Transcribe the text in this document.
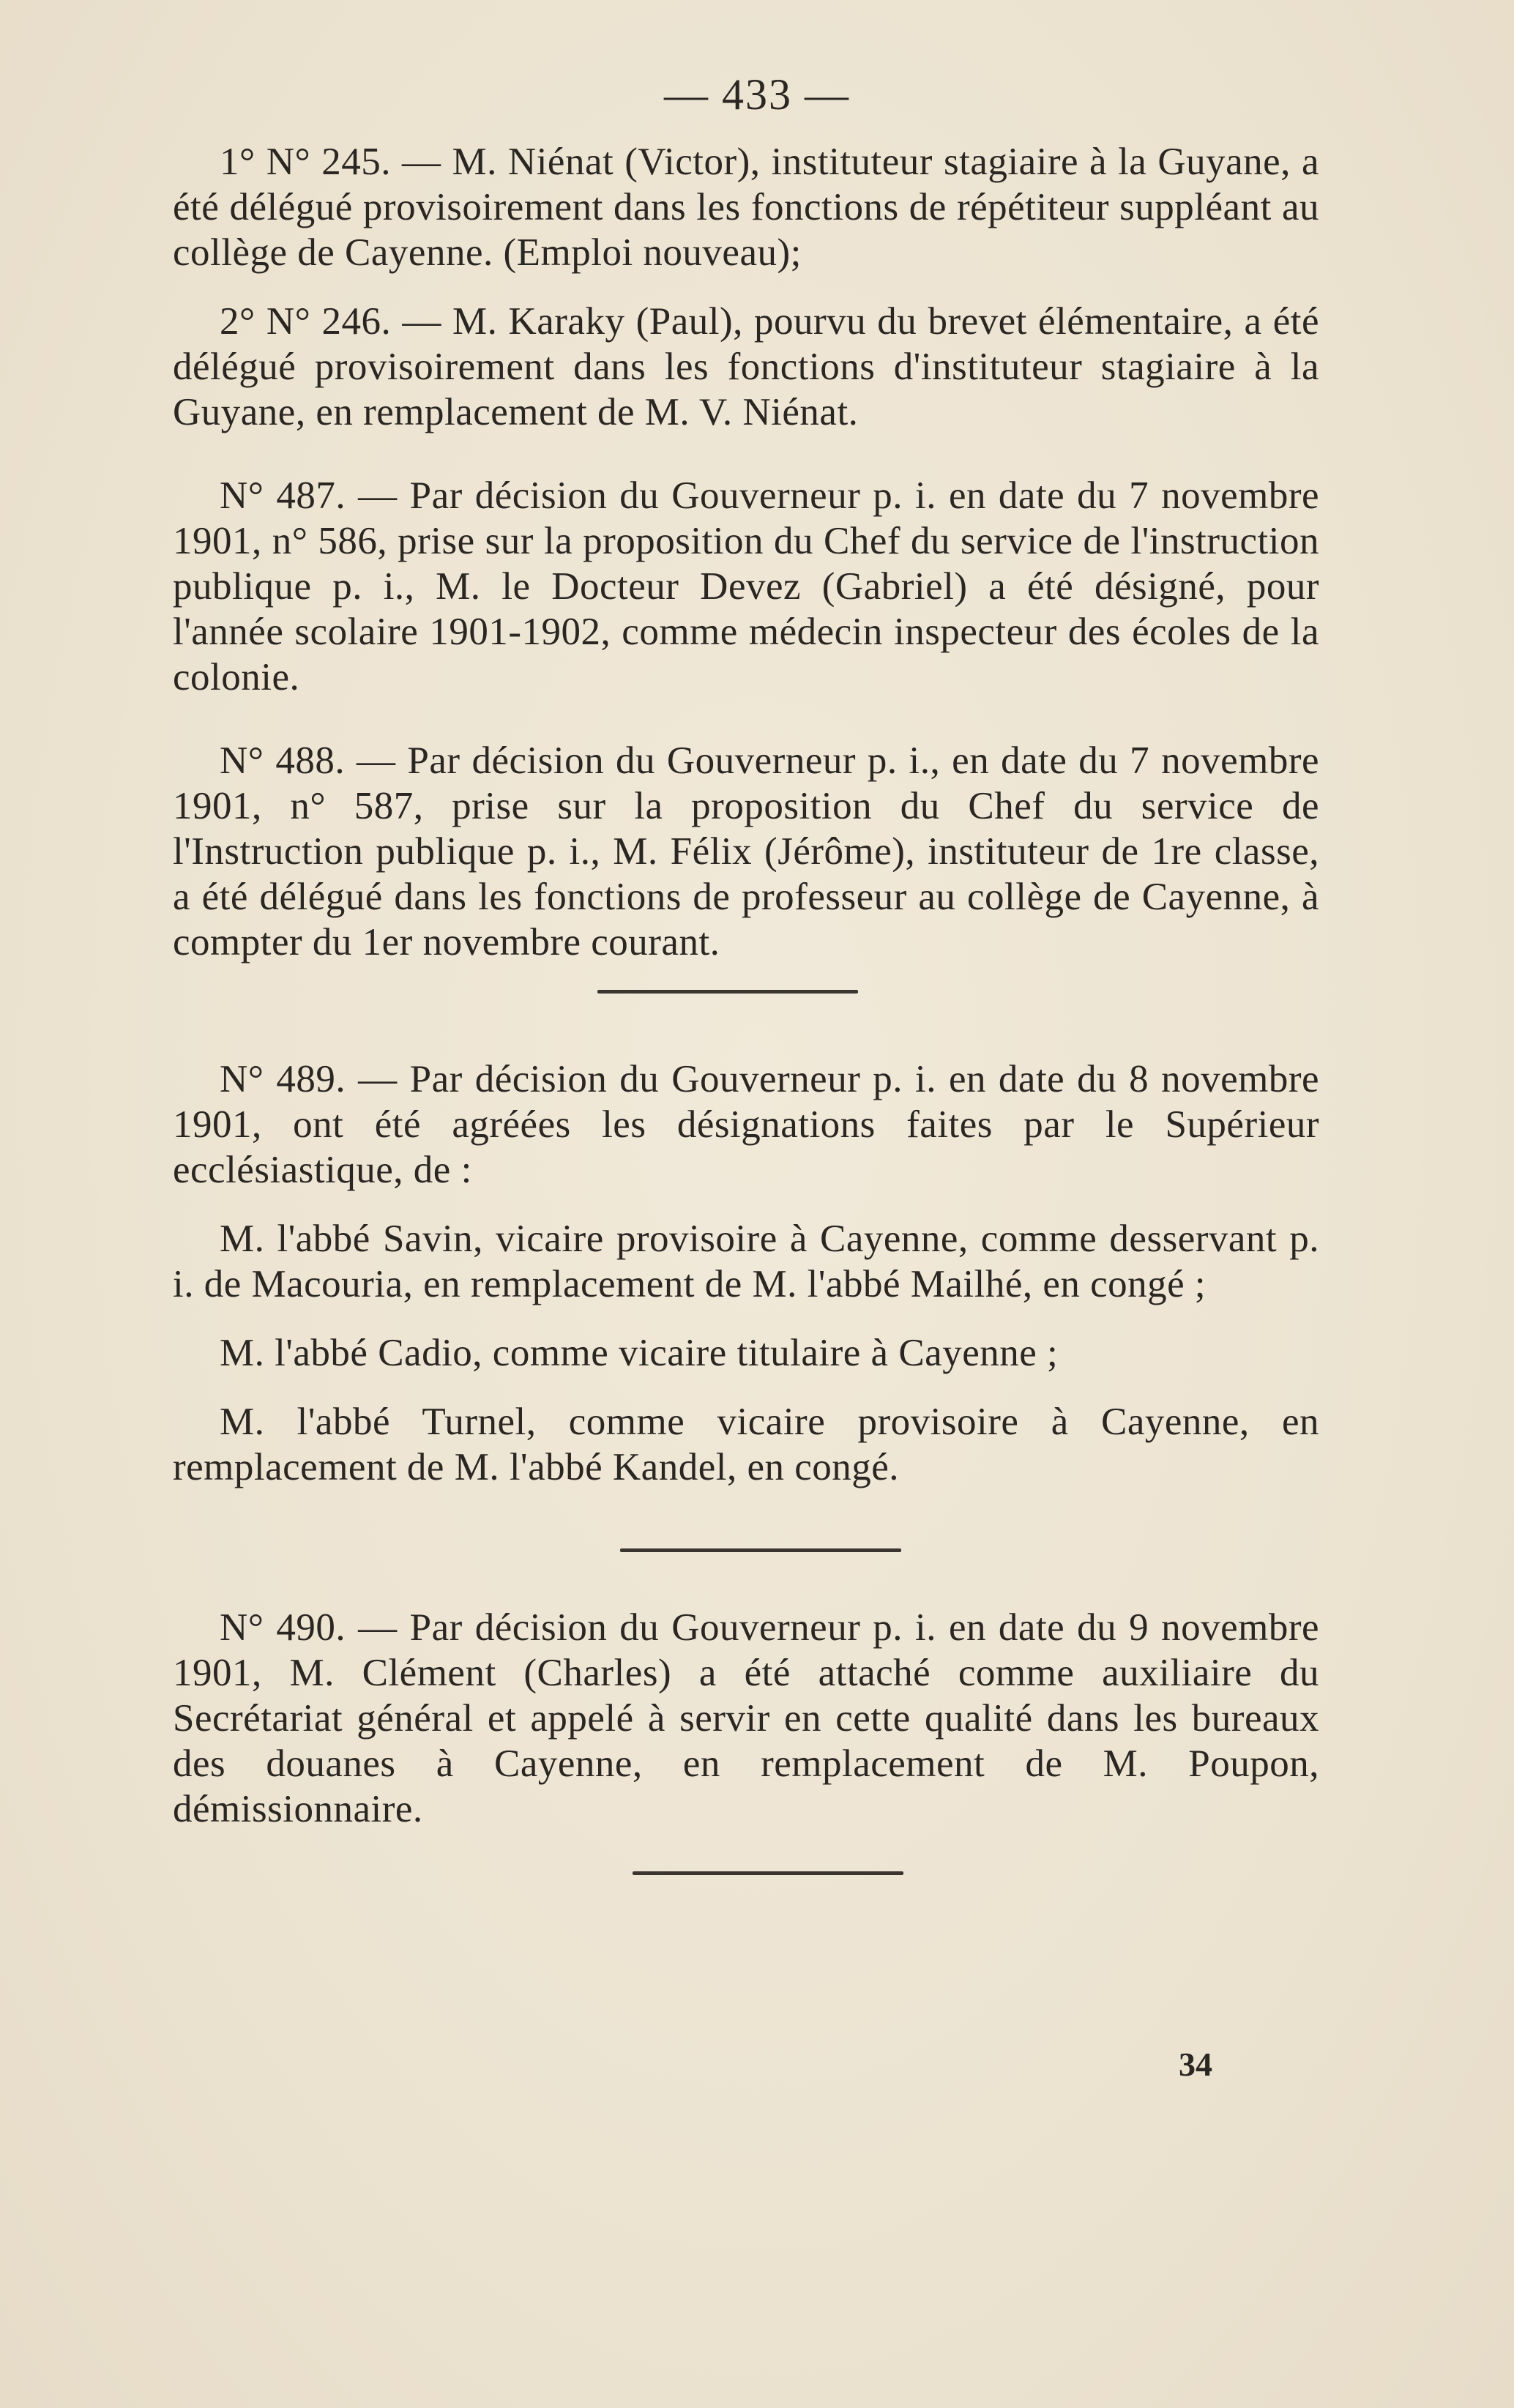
— 433 —

1° N° 245. — M. Niénat (Victor), instituteur stagiaire à la Guyane, a été délégué provisoirement dans les fonctions de répétiteur suppléant au collège de Cayenne. (Emploi nouveau);

2° N° 246. — M. Karaky (Paul), pourvu du brevet élémentaire, a été délégué provisoirement dans les fonctions d'instituteur stagiaire à la Guyane, en remplacement de M. V. Niénat.

N° 487. — Par décision du Gouverneur p. i. en date du 7 novembre 1901, n° 586, prise sur la proposition du Chef du service de l'instruction publique p. i., M. le Docteur Devez (Gabriel) a été désigné, pour l'année scolaire 1901-1902, comme médecin inspecteur des écoles de la colonie.

N° 488. — Par décision du Gouverneur p. i., en date du 7 novembre 1901, n° 587, prise sur la proposition du Chef du service de l'Instruction publique p. i., M. Félix (Jérôme), instituteur de 1re classe, a été délégué dans les fonctions de professeur au collège de Cayenne, à compter du 1er novembre courant.

N° 489. — Par décision du Gouverneur p. i. en date du 8 novembre 1901, ont été agréées les désignations faites par le Supérieur ecclésiastique, de :

M. l'abbé Savin, vicaire provisoire à Cayenne, comme desservant p. i. de Macouria, en remplacement de M. l'abbé Mailhé, en congé ;

M. l'abbé Cadio, comme vicaire titulaire à Cayenne ;

M. l'abbé Turnel, comme vicaire provisoire à Cayenne, en remplacement de M. l'abbé Kandel, en congé.

N° 490. — Par décision du Gouverneur p. i. en date du 9 novembre 1901, M. Clément (Charles) a été attaché comme auxiliaire du Secrétariat général et appelé à servir en cette qualité dans les bureaux des douanes à Cayenne, en remplacement de M. Poupon, démissionnaire.

34
